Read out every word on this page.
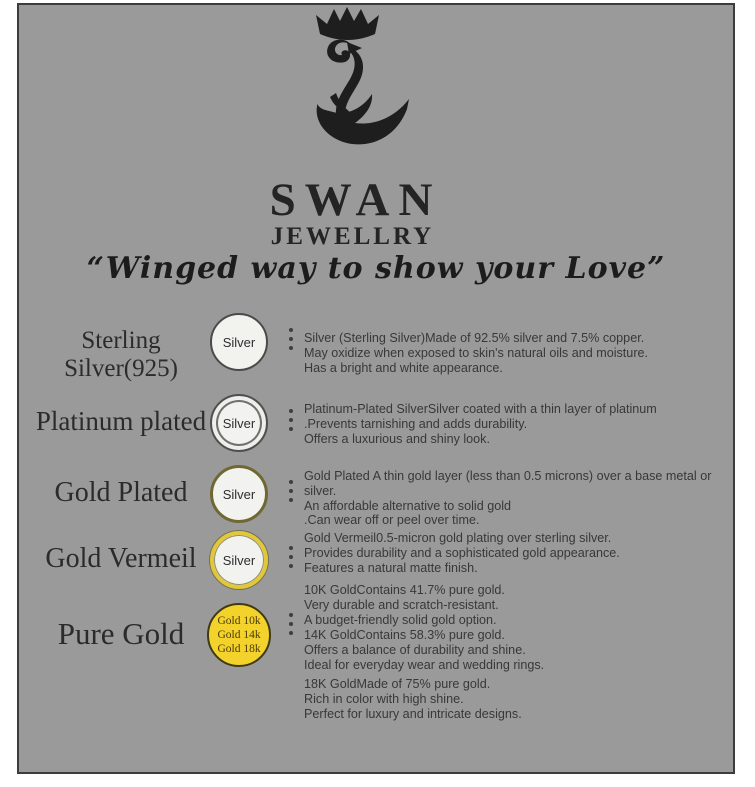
SWAN
JEWELLRY
“Winged way to show your Love”
Sterling Silver(925)
Silver	Silver (Sterling Silver)Made of 92.5% silver and 7.5% copper.
May oxidize when exposed to skin's natural oils and moisture.
Has a bright and white appearance.
Platinum plated	Silver
Platinum-Plated SilverSilver coated with a thin layer of platinum
.Prevents tarnishing and adds durability.
Offers a luxurious and shiny look.
Gold Plated	Silver
Gold Plated A thin gold layer (less than 0.5 microns) over a base metal or silver.
An affordable alternative to solid gold
.Can wear off or peel over time.
Gold Vermeil	Silver
Gold Vermeil0.5-micron gold plating over sterling silver.
Provides durability and a sophisticated gold appearance.
Features a natural matte finish.
Pure Gold	Gold 10k
Gold 14k
Gold 18k
10K GoldContains 41.7% pure gold.
Very durable and scratch-resistant.
A budget-friendly solid gold option.
14K GoldContains 58.3% pure gold.
Offers a balance of durability and shine.
Ideal for everyday wear and wedding rings.
18K GoldMade of 75% pure gold.
Rich in color with high shine.
Perfect for luxury and intricate designs.
